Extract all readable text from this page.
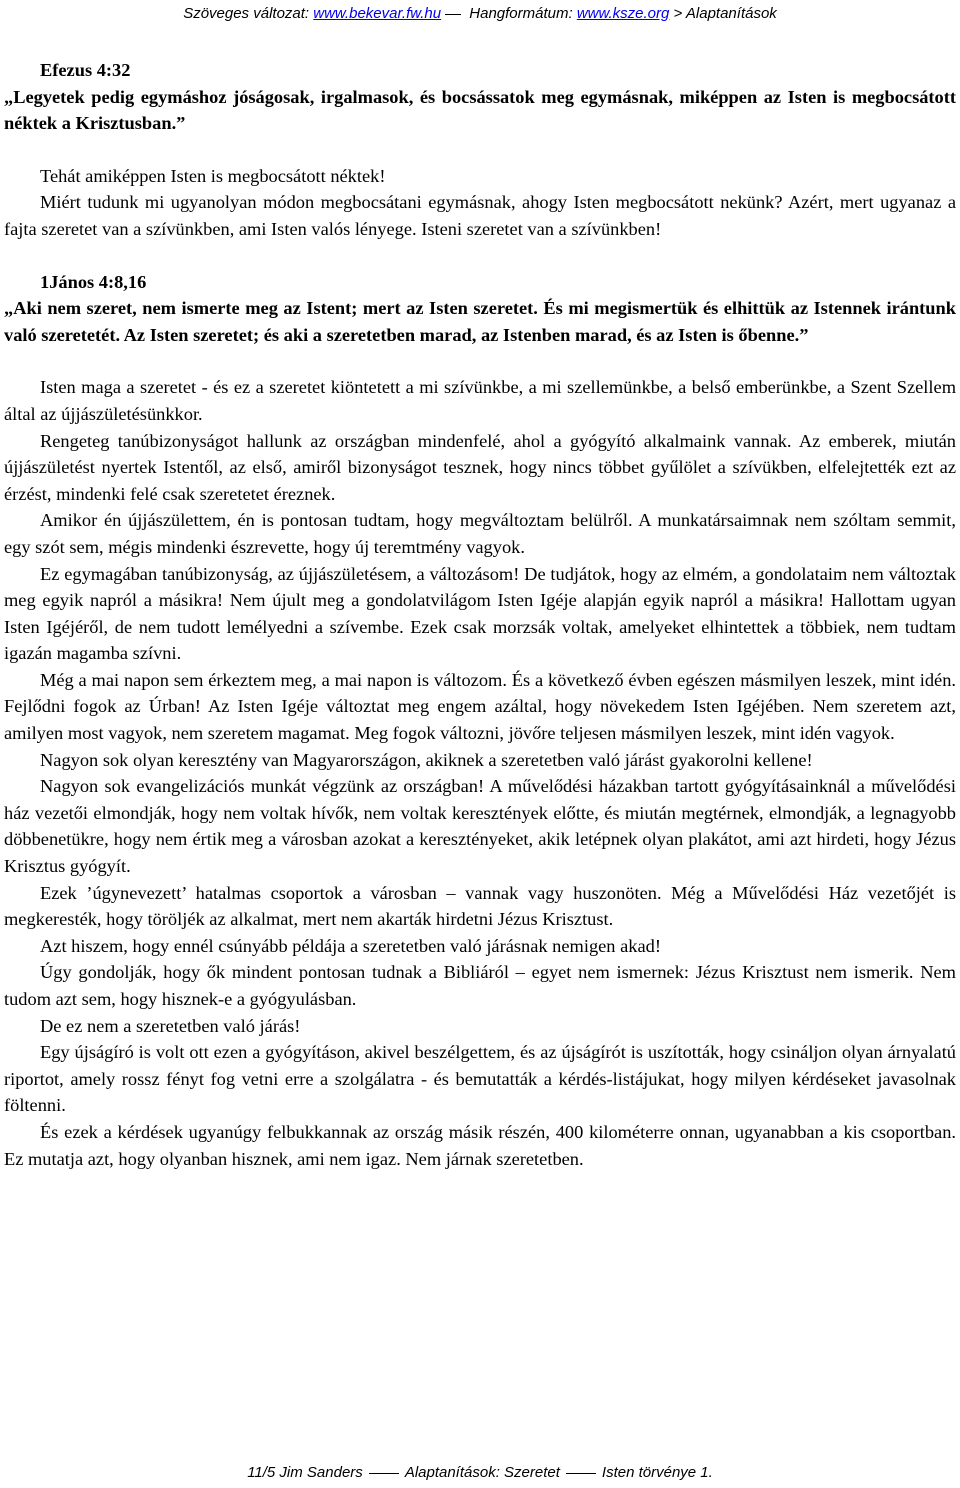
Szöveges változat: www.bekevar.fw.hu Hangformátum: www.ksze.org > Alaptanítások

Efezus 4:32

„Legyetek pedig egymáshoz jóságosak, irgalmasok, és bocsássatok meg egymásnak, miképpen az Isten is megbocsátott néktek a Krisztusban.”

Tehát amiképpen Isten is megbocsátott néktek!

Miért tudunk mi ugyanolyan módon megbocsátani egymásnak, ahogy Isten megbocsátott nekünk? Azért, mert ugyanaz a fajta szeretet van a szívünkben, ami Isten valós lényege. Isteni szeretet van a szívünkben!

1János 4:8,16

„Aki nem szeret, nem ismerte meg az Istent; mert az Isten szeretet. És mi megismertük és elhittük az Istennek irántunk való szeretetét. Az Isten szeretet; és aki a szeretetben marad, az Istenben marad, és az Isten is őbenne.”

Isten maga a szeretet - és ez a szeretet kiöntetett a mi szívünkbe, a mi szellemünkbe, a belső emberünkbe, a Szent Szellem által az újjászületésünkkor.

Rengeteg tanúbizonyságot hallunk az országban mindenfelé, ahol a gyógyító alkalmaink vannak. Az emberek, miután újjászületést nyertek Istentől, az első, amiről bizonyságot tesznek, hogy nincs többet gyűlölet a szívükben, elfelejtették ezt az érzést, mindenki felé csak szeretetet éreznek.

Amikor én újjászülettem, én is pontosan tudtam, hogy megváltoztam belülről. A munkatársaimnak nem szóltam semmit, egy szót sem, mégis mindenki észrevette, hogy új teremtmény vagyok.

Ez egymagában tanúbizonyság, az újjászületésem, a változásom! De tudjátok, hogy az elmém, a gondolataim nem változtak meg egyik napról a másikra! Nem újult meg a gondolatvilágom Isten Igéje alapján egyik napról a másikra! Hallottam ugyan Isten Igéjéről, de nem tudott lemélyedni a szívembe. Ezek csak morzsák voltak, amelyeket elhintettek a többiek, nem tudtam igazán magamba szívni.

Még a mai napon sem érkeztem meg, a mai napon is változom. És a következő évben egészen másmilyen leszek, mint idén. Fejlődni fogok az Úrban! Az Isten Igéje változtat meg engem azáltal, hogy növekedem Isten Igéjében. Nem szeretem azt, amilyen most vagyok, nem szeretem magamat. Meg fogok változni, jövőre teljesen másmilyen leszek, mint idén vagyok.

Nagyon sok olyan keresztény van Magyarországon, akiknek a szeretetben való járást gyakorolni kellene!

Nagyon sok evangelizációs munkát végzünk az országban! A művelődési házakban tartott gyógyításainknál a művelődési ház vezetői elmondják, hogy nem voltak hívők, nem voltak keresztények előtte, és miután megtérnek, elmondják, a legnagyobb döbbenetükre, hogy nem értik meg a városban azokat a keresztényeket, akik letépnek olyan plakátot, ami azt hirdeti, hogy Jézus Krisztus gyógyít.

Ezek ’úgynevezett’ hatalmas csoportok a városban – vannak vagy huszonöten. Még a Művelődési Ház vezetőjét is megkeresték, hogy töröljék az alkalmat, mert nem akarták hirdetni Jézus Krisztust.

Azt hiszem, hogy ennél csúnyább példája a szeretetben való járásnak nemigen akad!

Úgy gondolják, hogy ők mindent pontosan tudnak a Bibliáról – egyet nem ismernek: Jézus Krisztust nem ismerik. Nem tudom azt sem, hogy hisznek-e a gyógyulásban.

De ez nem a szeretetben való járás!

Egy újságíró is volt ott ezen a gyógyításon, akivel beszélgettem, és az újságírót is uszították, hogy csináljon olyan árnyalatú riportot, amely rossz fényt fog vetni erre a szolgálatra - és bemutatták a kérdés-listájukat, hogy milyen kérdéseket javasolnak föltenni.

És ezek a kérdések ugyanúgy felbukkannak az ország másik részén, 400 kilométerre onnan, ugyanabban a kis csoportban. Ez mutatja azt, hogy olyanban hisznek, ami nem igaz. Nem járnak szeretetben.

11/5 Jim Sanders	Alaptanítások: Szeretet	Isten törvénye 1.
